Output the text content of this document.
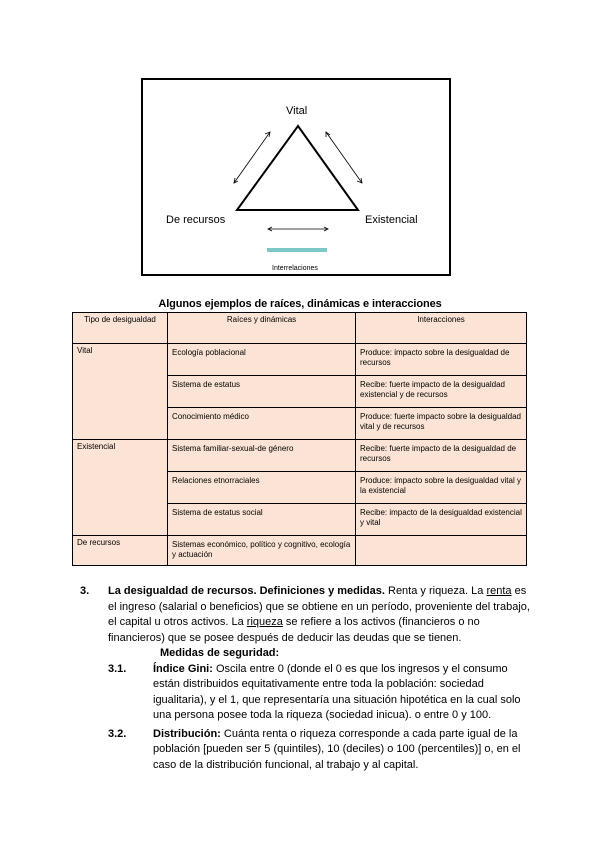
Vital
De recursos	Existencial
Interrelaciones
Algunos ejemplos de raíces, dinámicas e interacciones
Tipo de desigualdad	Raíces y dinámicas	Interacciones
Vital	Ecología poblacional	Produce: impacto sobre la desigualdad de recursos
	Sistema de estatus	Recibe: fuerte impacto de la desigualdad existencial y de recursos
	Conocimiento médico	Produce: fuerte impacto sobre la desigualdad vital y de recursos
Existencial	Sistema familiar-sexual-de género	Recibe: fuerte impacto de la desigualdad de recursos
	Relaciones etnorraciales	Produce: impacto sobre la desigualdad vital y la existencial
	Sistema de estatus social	Recibe: impacto de la desigualdad existencial y vital
De recursos	Sistemas económico, político y cognitivo, ecología y actuación	
3. La desigualdad de recursos. Definiciones y medidas. Renta y riqueza. La renta es el ingreso (salarial o beneficios) que se obtiene en un período, proveniente del trabajo, el capital u otros activos. La riqueza se refiere a los activos (financieros o no financieros) que se posee después de deducir las deudas que se tienen.
Medidas de seguridad:
3.1. Índice Gini: Oscila entre 0 (donde el 0 es que los ingresos y el consumo están distribuidos equitativamente entre toda la población: sociedad igualitaria), y el 1, que representaría una situación hipotética en la cual solo una persona posee toda la riqueza (sociedad inicua). o entre 0 y 100.
3.2. Distribución: Cuánta renta o riqueza corresponde a cada parte igual de la población [pueden ser 5 (quintiles), 10 (deciles) o 100 (percentiles)] o, en el caso de la distribución funcional, al trabajo y al capital.
